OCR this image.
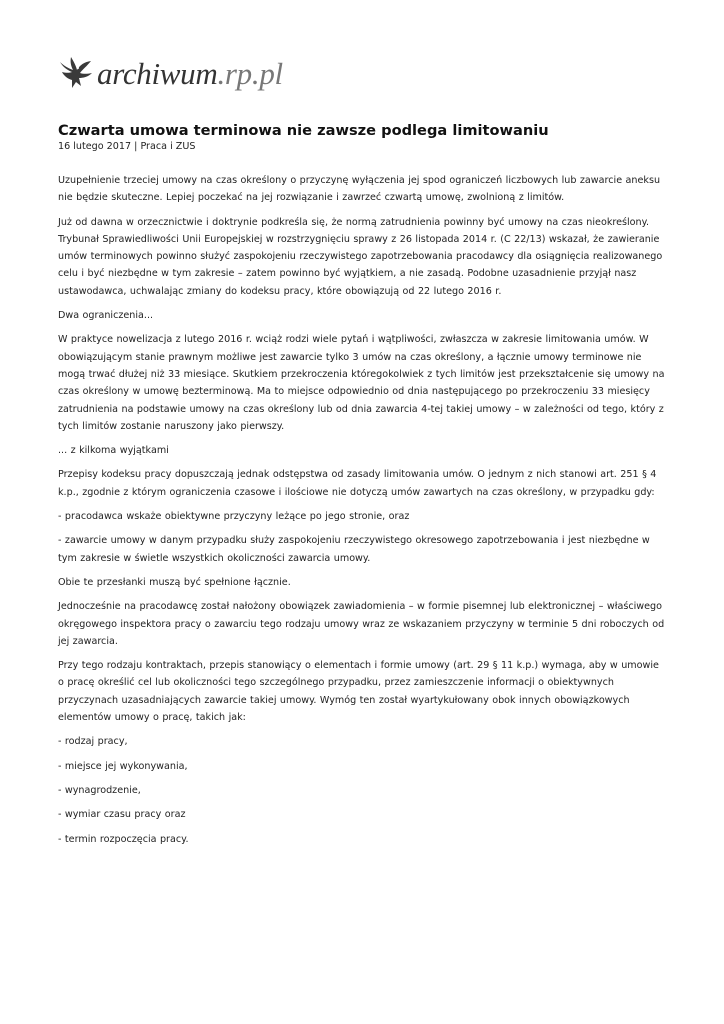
archiwum.rp.pl
Czwarta umowa terminowa nie zawsze podlega limitowaniu
16 lutego 2017 | Praca i ZUS

Uzupełnienie trzeciej umowy na czas określony o przyczynę wyłączenia jej spod ograniczeń liczbowych lub zawarcie aneksu nie będzie skuteczne. Lepiej poczekać na jej rozwiązanie i zawrzeć czwartą umowę, zwolnioną z limitów.

Już od dawna w orzecznictwie i doktrynie podkreśla się, że normą zatrudnienia powinny być umowy na czas nieokreślony. Trybunał Sprawiedliwości Unii Europejskiej w rozstrzygnięciu sprawy z 26 listopada 2014 r. (C 22/13) wskazał, że zawieranie umów terminowych powinno służyć zaspokojeniu rzeczywistego zapotrzebowania pracodawcy dla osiągnięcia realizowanego celu i być niezbędne w tym zakresie – zatem powinno być wyjątkiem, a nie zasadą. Podobne uzasadnienie przyjął nasz ustawodawca, uchwalając zmiany do kodeksu pracy, które obowiązują od 22 lutego 2016 r.

Dwa ograniczenia...

W praktyce nowelizacja z lutego 2016 r. wciąż rodzi wiele pytań i wątpliwości, zwłaszcza w zakresie limitowania umów. W obowiązującym stanie prawnym możliwe jest zawarcie tylko 3 umów na czas określony, a łącznie umowy terminowe nie mogą trwać dłużej niż 33 miesiące. Skutkiem przekroczenia któregokolwiek z tych limitów jest przekształcenie się umowy na czas określony w umowę bezterminową. Ma to miejsce odpowiednio od dnia następującego po przekroczeniu 33 miesięcy zatrudnienia na podstawie umowy na czas określony lub od dnia zawarcia 4-tej takiej umowy – w zależności od tego, który z tych limitów zostanie naruszony jako pierwszy.

... z kilkoma wyjątkami

Przepisy kodeksu pracy dopuszczają jednak odstępstwa od zasady limitowania umów. O jednym z nich stanowi art. 251 § 4 k.p., zgodnie z którym ograniczenia czasowe i ilościowe nie dotyczą umów zawartych na czas określony, w przypadku gdy:

- pracodawca wskaże obiektywne przyczyny leżące po jego stronie, oraz

- zawarcie umowy w danym przypadku służy zaspokojeniu rzeczywistego okresowego zapotrzebowania i jest niezbędne w tym zakresie w świetle wszystkich okoliczności zawarcia umowy.

Obie te przesłanki muszą być spełnione łącznie.

Jednocześnie na pracodawcę został nałożony obowiązek zawiadomienia – w formie pisemnej lub elektronicznej – właściwego okręgowego inspektora pracy o zawarciu tego rodzaju umowy wraz ze wskazaniem przyczyny w terminie 5 dni roboczych od jej zawarcia.

Przy tego rodzaju kontraktach, przepis stanowiący o elementach i formie umowy (art. 29 § 11 k.p.) wymaga, aby w umowie o pracę określić cel lub okoliczności tego szczególnego przypadku, przez zamieszczenie informacji o obiektywnych przyczynach uzasadniających zawarcie takiej umowy. Wymóg ten został wyartykułowany obok innych obowiązkowych elementów umowy o pracę, takich jak:

- rodzaj pracy,

- miejsce jej wykonywania,

- wynagrodzenie,

- wymiar czasu pracy oraz

- termin rozpoczęcia pracy.
